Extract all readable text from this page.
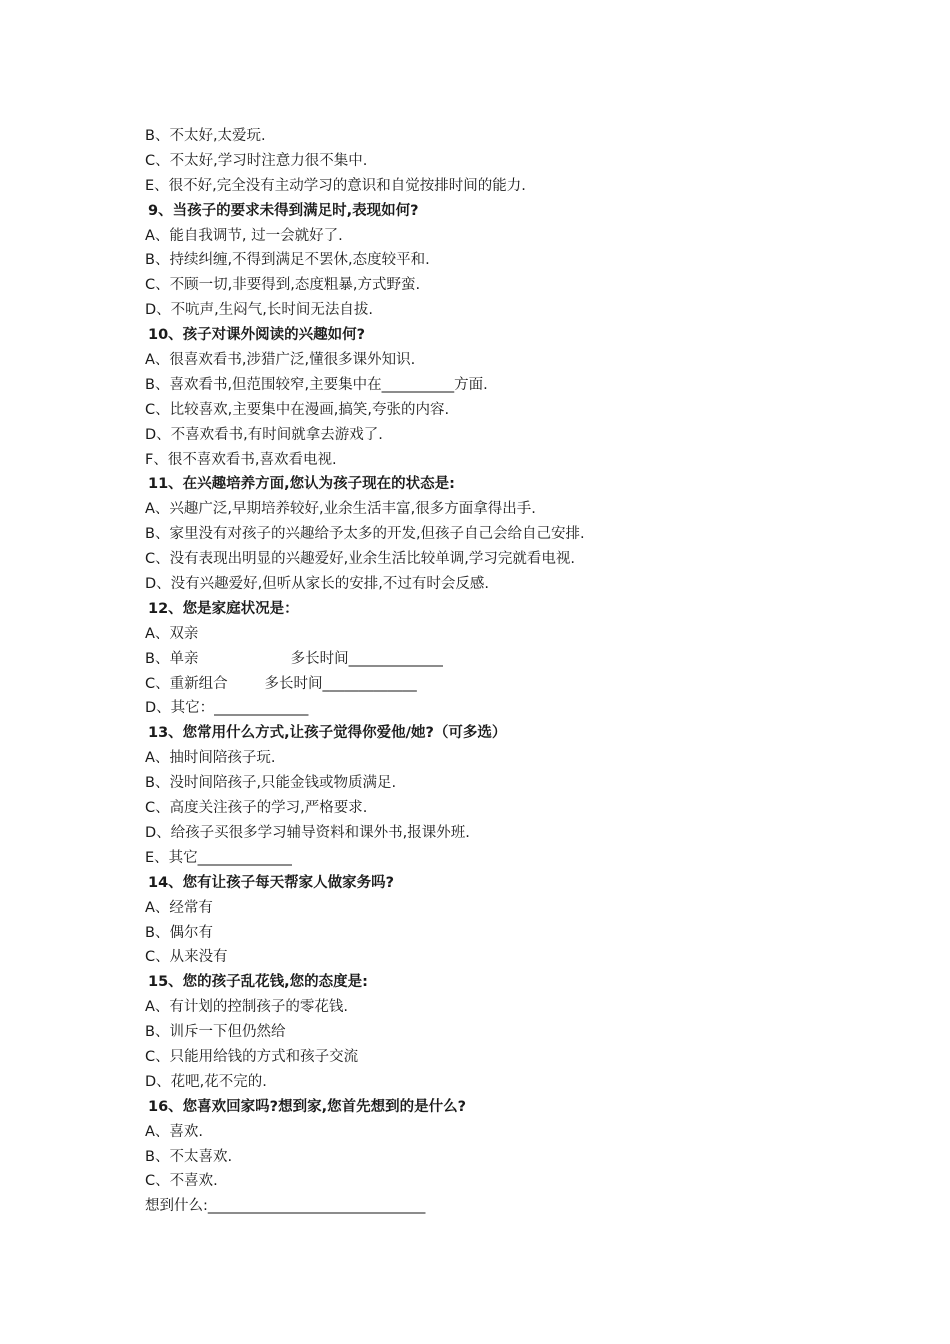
B、不太好,太爱玩.
C、不太好,学习时注意力很不集中.
E、很不好,完全没有主动学习的意识和自觉按排时间的能力.
9、当孩子的要求未得到满足时,表现如何?
A、能自我调节, 过一会就好了.
B、持续纠缠,不得到满足不罢休,态度较平和.
C、不顾一切,非要得到,态度粗暴,方式野蛮.
D、不吭声,生闷气,长时间无法自拔.
10、孩子对课外阅读的兴趣如何?
A、很喜欢看书,涉猎广泛,懂很多课外知识.
B、喜欢看书,但范围较窄,主要集中在__________方面.
C、比较喜欢,主要集中在漫画,搞笑,夸张的内容.
D、不喜欢看书,有时间就拿去游戏了.
F、很不喜欢看书,喜欢看电视.
11、在兴趣培养方面,您认为孩子现在的状态是:
A、兴趣广泛,早期培养较好,业余生活丰富,很多方面拿得出手.
B、家里没有对孩子的兴趣给予太多的开发,但孩子自己会给自己安排.
C、没有表现出明显的兴趣爱好,业余生活比较单调,学习完就看电视.
D、没有兴趣爱好,但听从家长的安排,不过有时会反感.
12、您是家庭状况是：
A、双亲
B、单亲                    多长时间_____________
C、重新组合        多长时间_____________
D、其它：_____________
13、您常用什么方式,让孩子觉得你爱他/她?（可多选）
A、抽时间陪孩子玩.
B、没时间陪孩子,只能金钱或物质满足.
C、高度关注孩子的学习,严格要求.
D、给孩子买很多学习辅导资料和课外书,报课外班.
E、其它_____________
14、您有让孩子每天帮家人做家务吗?
A、经常有
B、偶尔有
C、从来没有
15、您的孩子乱花钱,您的态度是:
A、有计划的控制孩子的零花钱.
B、训斥一下但仍然给
C、只能用给钱的方式和孩子交流
D、花吧,花不完的.
16、您喜欢回家吗?想到家,您首先想到的是什么?
A、喜欢.
B、不太喜欢.
C、不喜欢.
想到什么:______________________________
